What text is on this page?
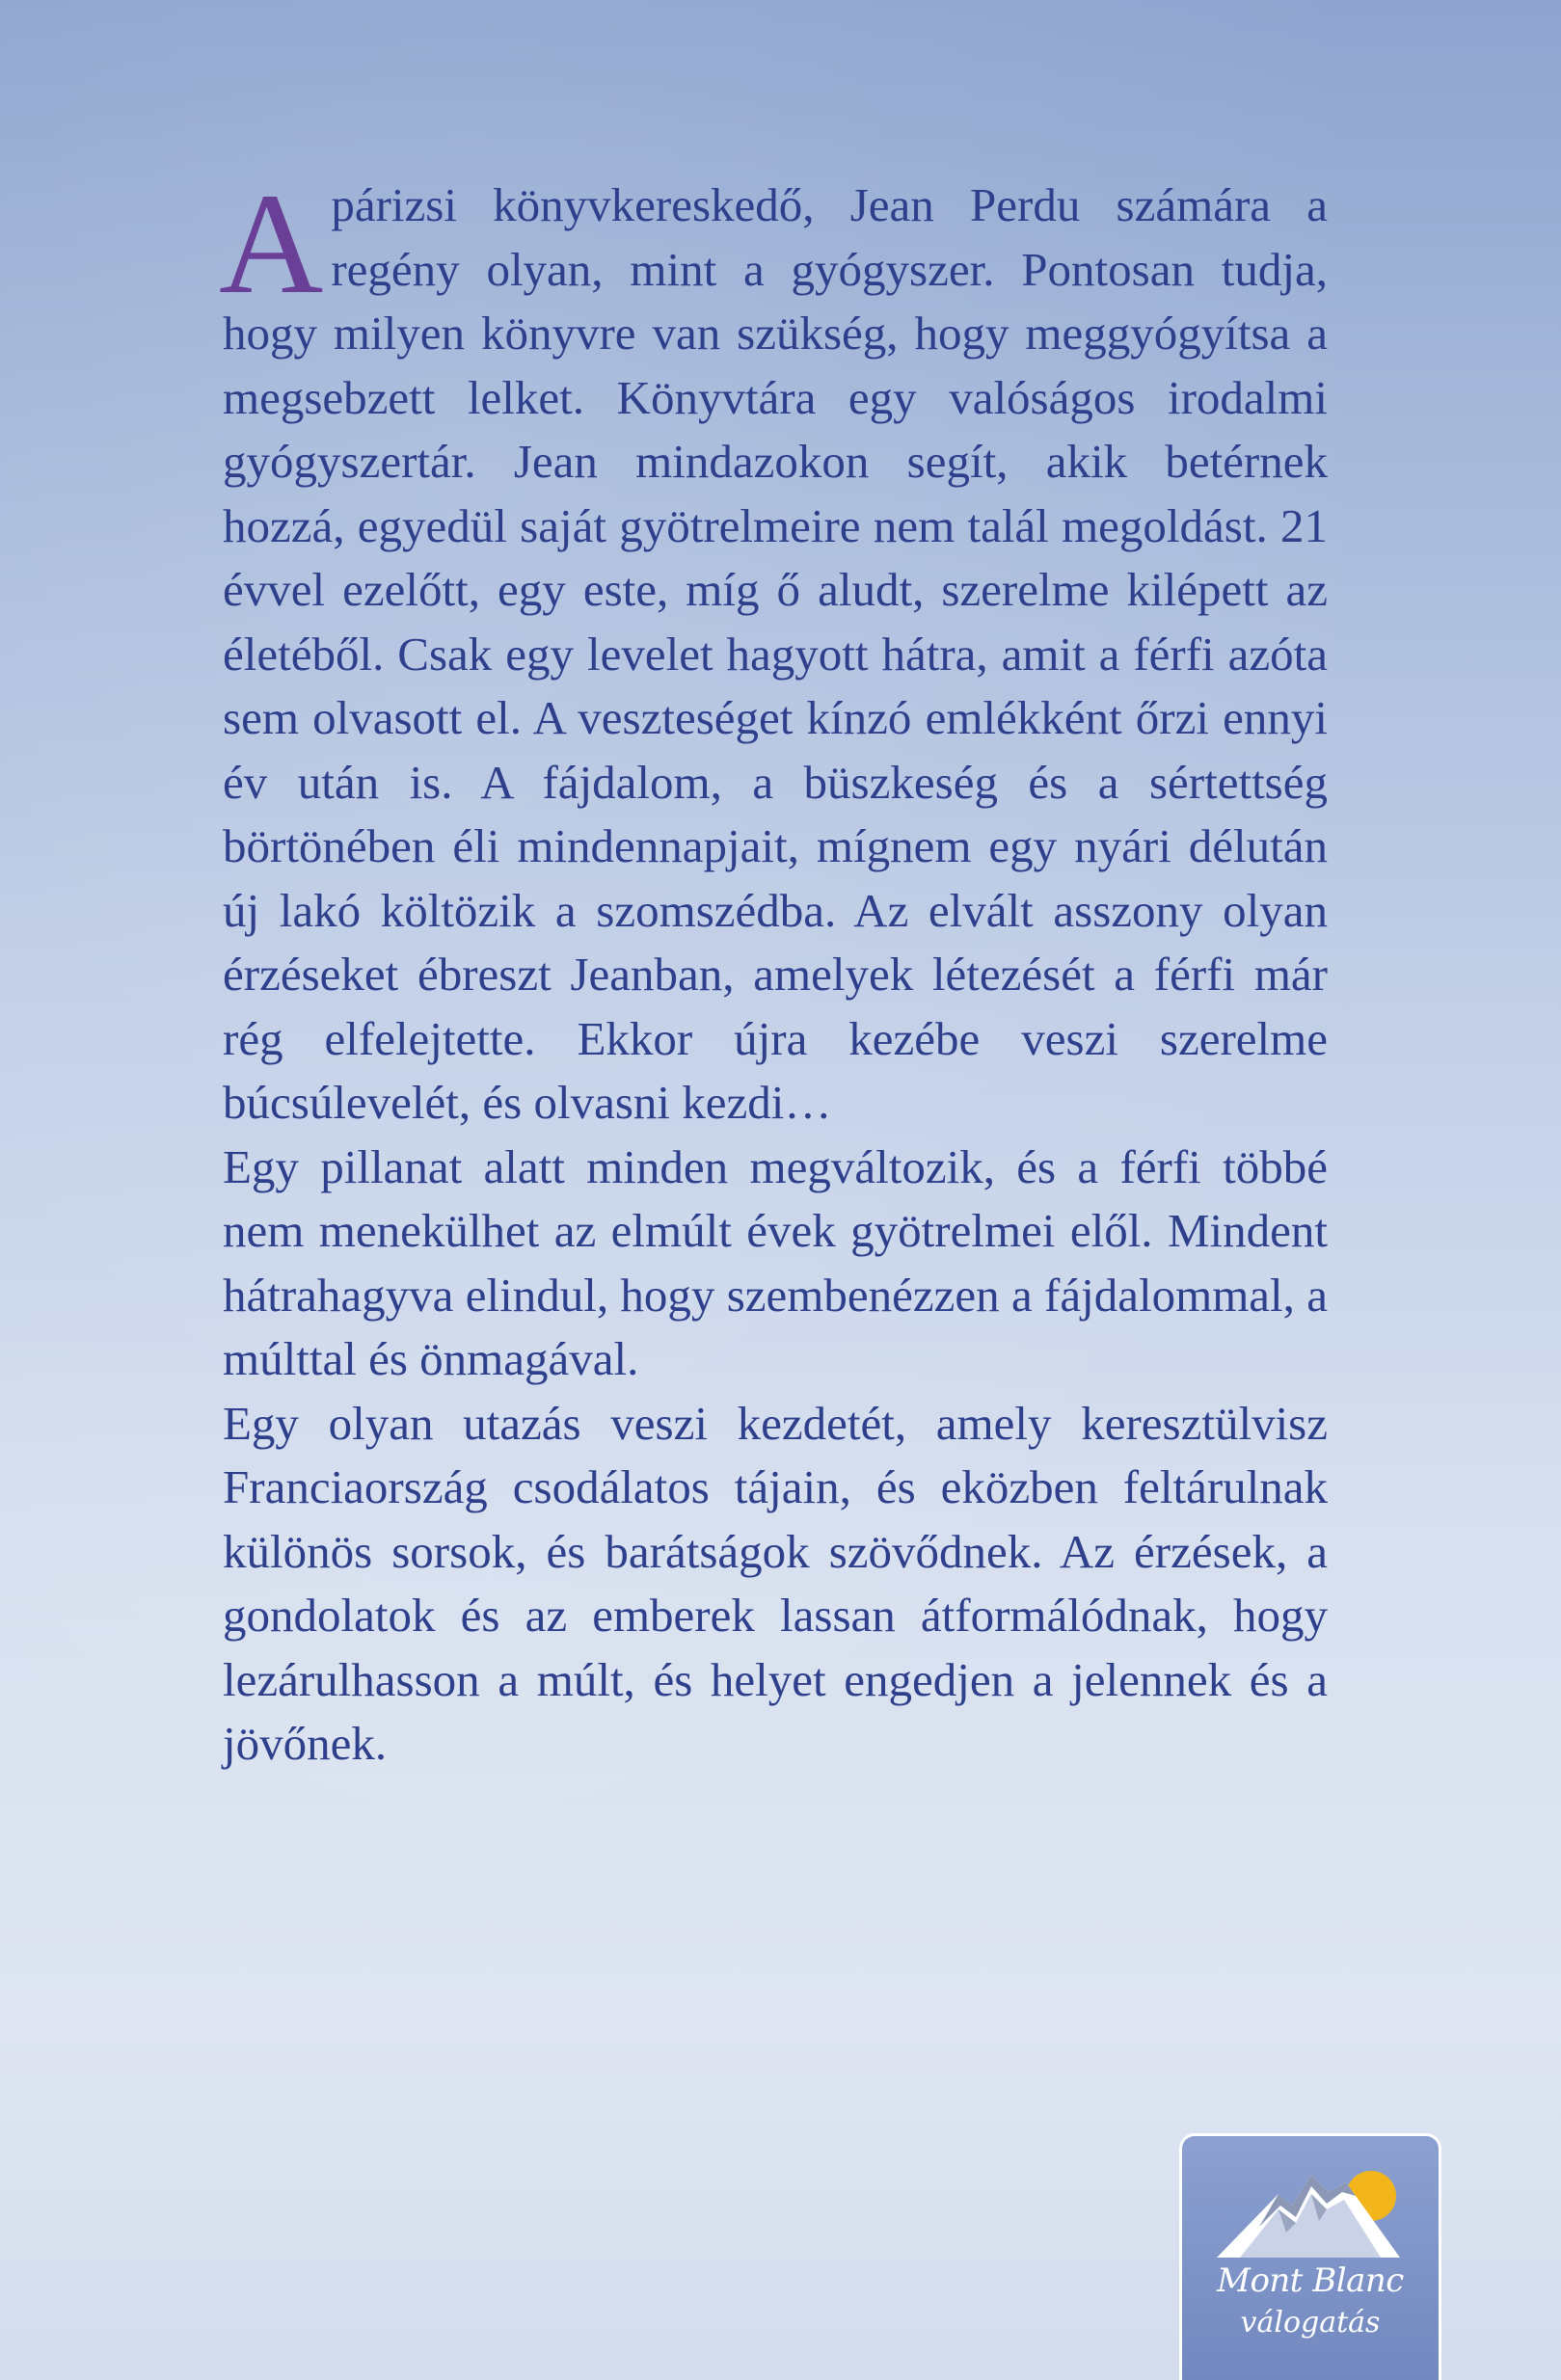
Apárizsi könyvkereskedő, Jean Perdu számára a regény olyan, mint a gyógyszer. Pontosan tudja, hogy milyen könyvre van szükség, hogy meggyógyítsa a megsebzett lelket. Könyvtára egy valóságos irodalmi gyógyszertár. Jean mindazokon segít, akik betérnek hozzá, egyedül saját gyötrelmeire nem talál megoldást. 21 évvel ezelőtt, egy este, míg ő aludt, szerelme kilépett az életéből. Csak egy levelet hagyott hátra, amit a férfi azóta sem olvasott el. A veszteséget kínzó emlékként őrzi ennyi év után is. A fájdalom, a büszkeség és a sértettség börtönében éli mindennapjait, mígnem egy nyári délután új lakó költözik a szomszédba. Az elvált asszony olyan érzéseket ébreszt Jeanban, amelyek létezését a férfi már rég elfelejtette. Ekkor újra kezébe veszi szerelme búcsúlevelét, és olvasni kezdi…

Egy pillanat alatt minden megváltozik, és a férfi többé nem menekülhet az elmúlt évek gyötrelmei elől. Mindent hátrahagyva elindul, hogy szembenézzen a fájdalommal, a múlttal és önmagával.

Egy olyan utazás veszi kezdetét, amely keresztülvisz Franciaország csodálatos tájain, és eközben feltárulnak különös sorsok, és barátságok szövődnek. Az érzések, a gondolatok és az emberek lassan átformálódnak, hogy lezárulhasson a múlt, és helyet engedjen a jelennek és a jövőnek.

Mont Blanc
válogatás
